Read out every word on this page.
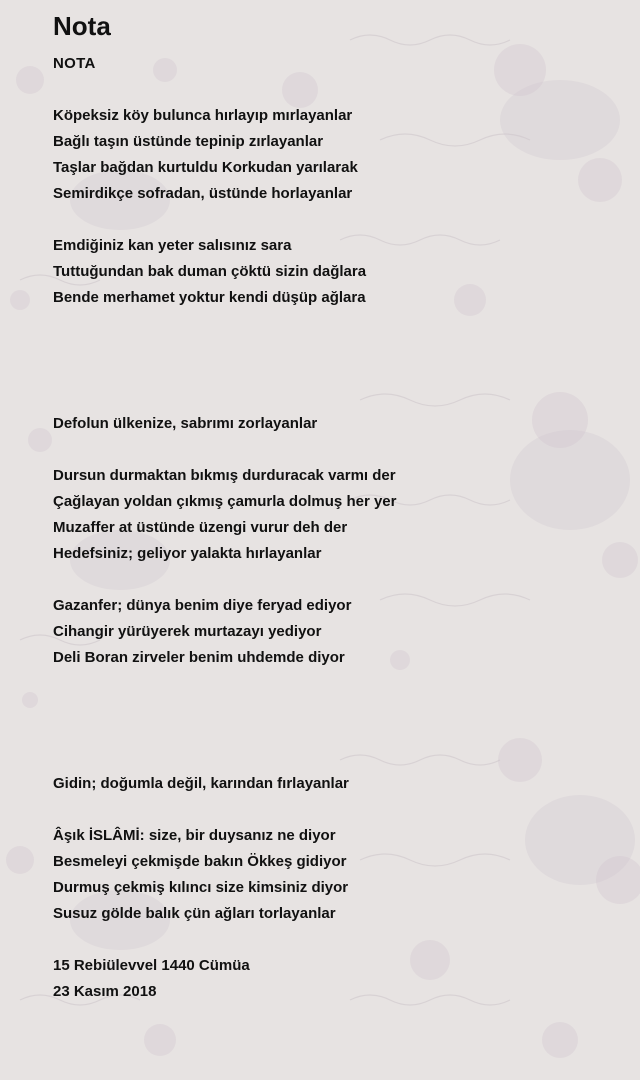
Nota
NOTA
Köpeksiz köy bulunca hırlayıp mırlayanlar
Bağlı taşın üstünde tepinip zırlayanlar
Taşlar bağdan kurtuldu Korkudan yarılarak
Semirdikçe sofradan, üstünde horlayanlar
Emdiğiniz kan yeter salısınız sara
Tuttuğundan bak duman çöktü sizin dağlara
Bende merhamet yoktur kendi düşüp ağlara
Defolun ülkenize, sabrımı zorlayanlar
Dursun durmaktan bıkmış durduracak varmı der
Çağlayan yoldan çıkmış çamurla dolmuş her yer
Muzaffer at üstünde üzengi vurur deh der
Hedefsiniz; geliyor yalakta hırlayanlar
Gazanfer; dünya benim diye feryad ediyor
Cihangir yürüyerek murtazayı yediyor
Deli Boran zirveler benim uhdemde diyor
Gidin; doğumla değil, karından fırlayanlar
Âşık İSLÂMİ: size, bir duysanız ne diyor
Besmeleyi çekmişde bakın Ökkeş gidiyor
Durmuş çekmiş kılıncı size kimsiniz diyor
Susuz gölde balık çün ağları torlayanlar
15 Rebiülevvel 1440 Cümüa
23 Kasım 2018
